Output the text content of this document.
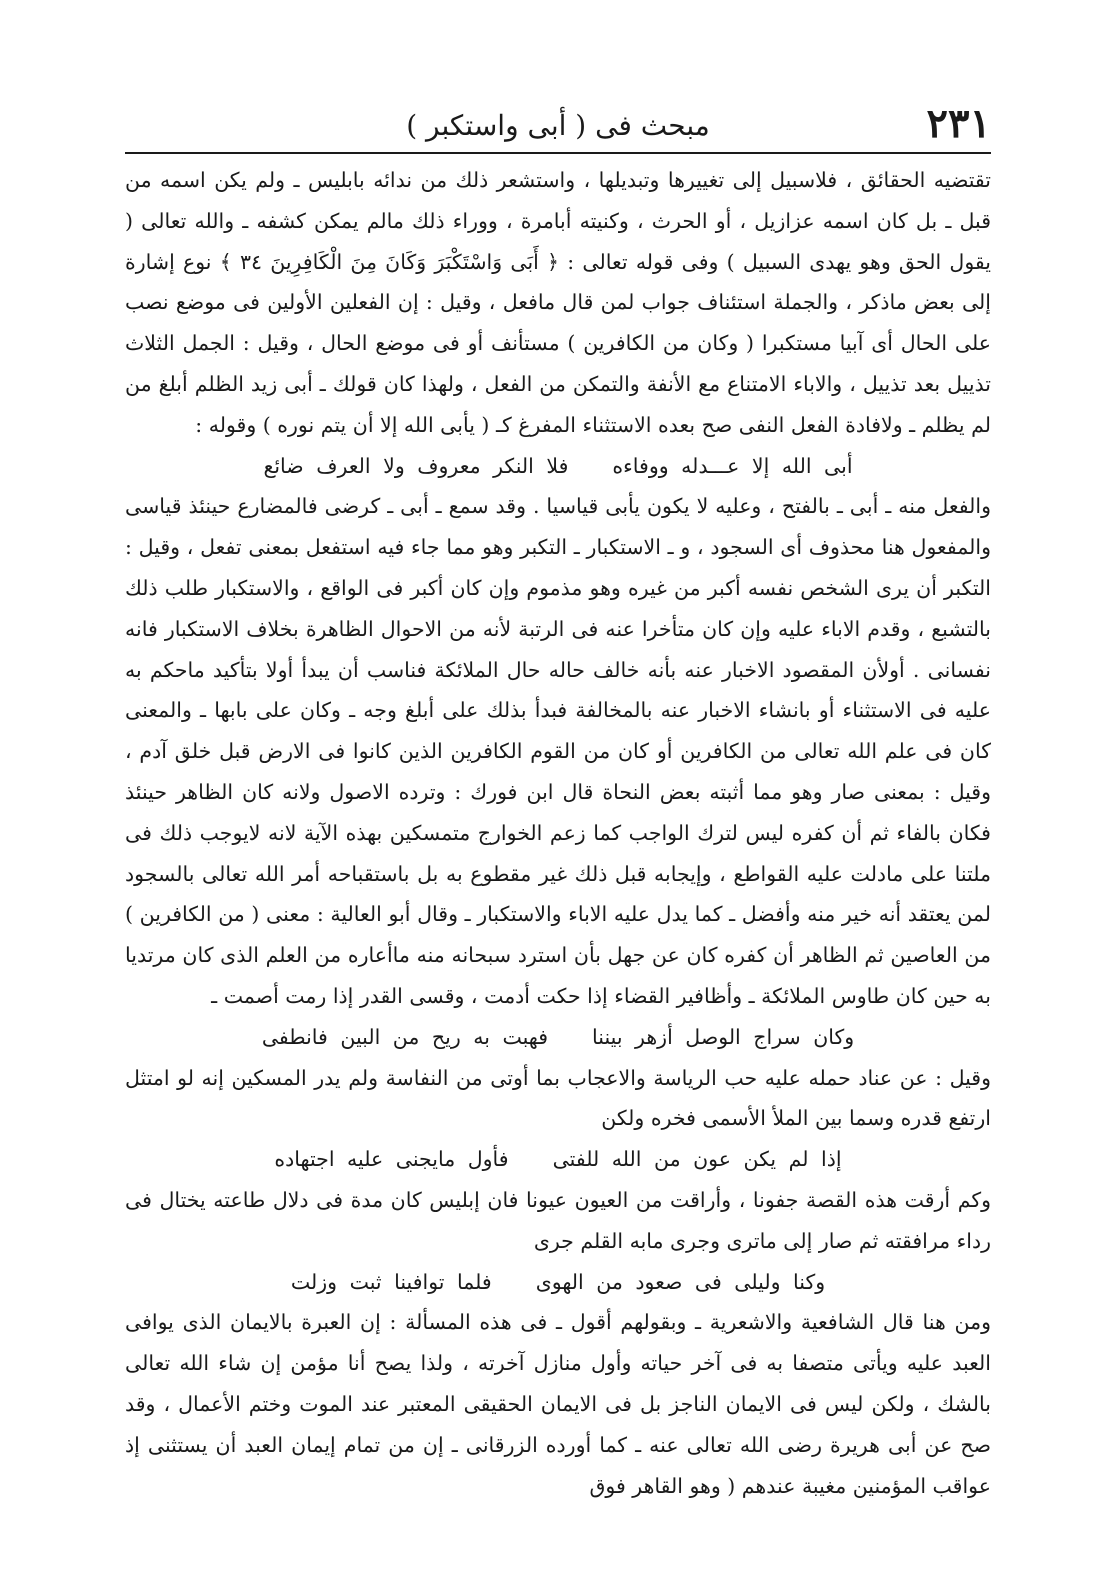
٢٣١
مبحث فى ( أبى واستكبر )

تقتضيه الحقائق ، فلاسبيل إلى تغييرها وتبديلها ، واستشعر ذلك من ندائه بابليس ـ ولم يكن اسمه من قبل ـ بل كان اسمه عزازيل ، أو الحرث ، وكنيته أبامرة ، ووراء ذلك مالم يمكن كشفه ـ والله تعالى ( يقول الحق وهو يهدى السبيل ) وفى قوله تعالى : ﴿ أَبَى وَاسْتَكْبَرَ وَكَانَ مِنَ الْكَافِرِينَ ٣٤ ﴾ نوع إشارة إلى بعض ماذكر ، والجملة استئناف جواب لمن قال مافعل ، وقيل : إن الفعلين الأولين فى موضع نصب على الحال أى آبيا مستكبرا ( وكان من الكافرين ) مستأنف أو فى موضع الحال ، وقيل : الجمل الثلاث تذييل بعد تذييل ، والاباء الامتناع مع الأنفة والتمكن من الفعل ، ولهذا كان قولك ـ أبى زيد الظلم أبلغ من لم يظلم ـ ولافادة الفعل النفى صح بعده الاستثناء المفرغ كـ ( يأبى الله إلا أن يتم نوره ) وقوله :

أبى الله إلا عـــدله ووفاءهفلا النكر معروف ولا العرف ضائع

والفعل منه ـ أبى ـ بالفتح ، وعليه لا يكون يأبى قياسيا . وقد سمع ـ أبى ـ كرضى فالمضارع حينئذ قياسى والمفعول هنا محذوف أى السجود ، و ـ الاستكبار ـ التكبر وهو مما جاء فيه استفعل بمعنى تفعل ، وقيل : التكبر أن يرى الشخص نفسه أكبر من غيره وهو مذموم وإن كان أكبر فى الواقع ، والاستكبار طلب ذلك بالتشبع ، وقدم الاباء عليه وإن كان متأخرا عنه فى الرتبة لأنه من الاحوال الظاهرة بخلاف الاستكبار فانه نفسانى . أولأن المقصود الاخبار عنه بأنه خالف حاله حال الملائكة فناسب أن يبدأ أولا بتأكيد ماحكم به عليه فى الاستثناء أو بانشاء الاخبار عنه بالمخالفة فبدأ بذلك على أبلغ وجه ـ وكان على بابها ـ والمعنى كان فى علم الله تعالى من الكافرين أو كان من القوم الكافرين الذين كانوا فى الارض قبل خلق آدم ، وقيل : بمعنى صار وهو مما أثبته بعض النحاة قال ابن فورك : وترده الاصول ولانه كان الظاهر حينئذ فكان بالفاء ثم أن كفره ليس لترك الواجب كما زعم الخوارج متمسكين بهذه الآية لانه لايوجب ذلك فى ملتنا على مادلت عليه القواطع ، وإيجابه قبل ذلك غير مقطوع به بل باستقباحه أمر الله تعالى بالسجود لمن يعتقد أنه خير منه وأفضل ـ كما يدل عليه الاباء والاستكبار ـ وقال أبو العالية : معنى ( من الكافرين ) من العاصين ثم الظاهر أن كفره كان عن جهل بأن استرد سبحانه منه ماأعاره من العلم الذى كان مرتديا به حين كان طاوس الملائكة ـ وأظافير القضاء إذا حكت أدمت ، وقسى القدر إذا رمت أصمت ـ

وكان سراج الوصل أزهر بيننافهبت به ريح من البين فانطفى

وقيل : عن عناد حمله عليه حب الرياسة والاعجاب بما أوتى من النفاسة ولم يدر المسكين إنه لو امتثل ارتفع قدره وسما بين الملأ الأسمى فخره ولكن

إذا لم يكن عون من الله للفتىفأول مايجنى عليه اجتهاده

وكم أرقت هذه القصة جفونا ، وأراقت من العيون عيونا فان إبليس كان مدة فى دلال طاعته يختال فى رداء مرافقته ثم صار إلى ماترى وجرى مابه القلم جرى

وكنا وليلى فى صعود من الهوىفلما توافينا ثبت وزلت

ومن هنا قال الشافعية والاشعرية ـ وبقولهم أقول ـ فى هذه المسألة : إن العبرة بالايمان الذى يوافى العبد عليه ويأتى متصفا به فى آخر حياته وأول منازل آخرته ، ولذا يصح أنا مؤمن إن شاء الله تعالى بالشك ، ولكن ليس فى الايمان الناجز بل فى الايمان الحقيقى المعتبر عند الموت وختم الأعمال ، وقد صح عن أبى هريرة رضى الله تعالى عنه ـ كما أورده الزرقانى ـ إن من تمام إيمان العبد أن يستثنى إذ عواقب المؤمنين مغيبة عندهم ( وهو القاهر فوق
